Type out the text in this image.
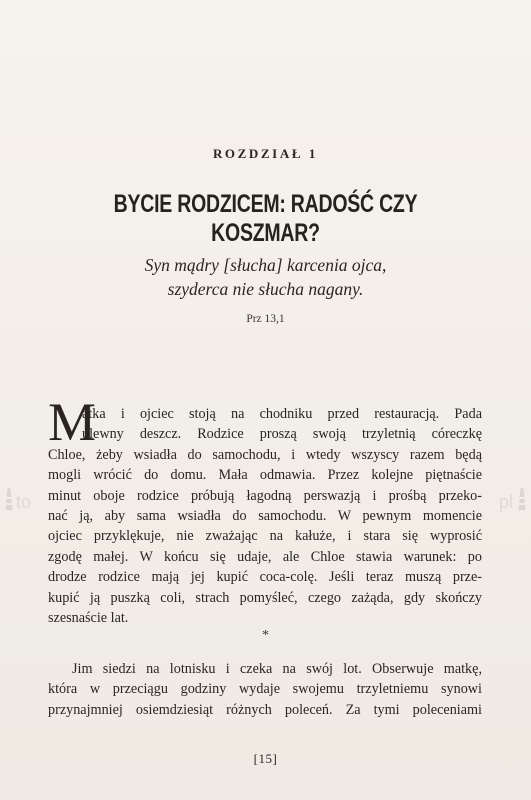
ROZDZIAŁ 1
BYCIE RODZICEM: RADOŚĆ CZY KOSZMAR?
Syn mądry [słucha] karcenia ojca,
szyderca nie słucha nagany.
Prz 13,1
M
atka i ojciec stoją na chodniku przed restauracją. Pada
ulewny deszcz. Rodzice proszą swoją trzyletnią córeczkę
Chloe, żeby wsiadła do samochodu, i wtedy wszyscy razem będą
mogli wrócić do domu. Mała odmawia. Przez kolejne piętnaście
minut oboje rodzice próbują łagodną perswazją i prośbą przeko-
nać ją, aby sama wsiadła do samochodu. W pewnym momencie
ojciec przyklękuje, nie zważając na kałuże, i stara się wyprosić
zgodę małej. W końcu się udaje, ale Chloe stawia warunek: po
drodze rodzice mają jej kupić coca-colę. Jeśli teraz muszą prze-
kupić ją puszką coli, strach pomyśleć, czego zażąda, gdy skończy
szesnaście lat.
*
Jim siedzi na lotnisku i czeka na swój lot. Obserwuje matkę,
która w przeciągu godziny wydaje swojemu trzyletniemu synowi
przynajmniej osiemdziesiąt różnych poleceń. Za tymi poleceniami
[15]
to	pl
